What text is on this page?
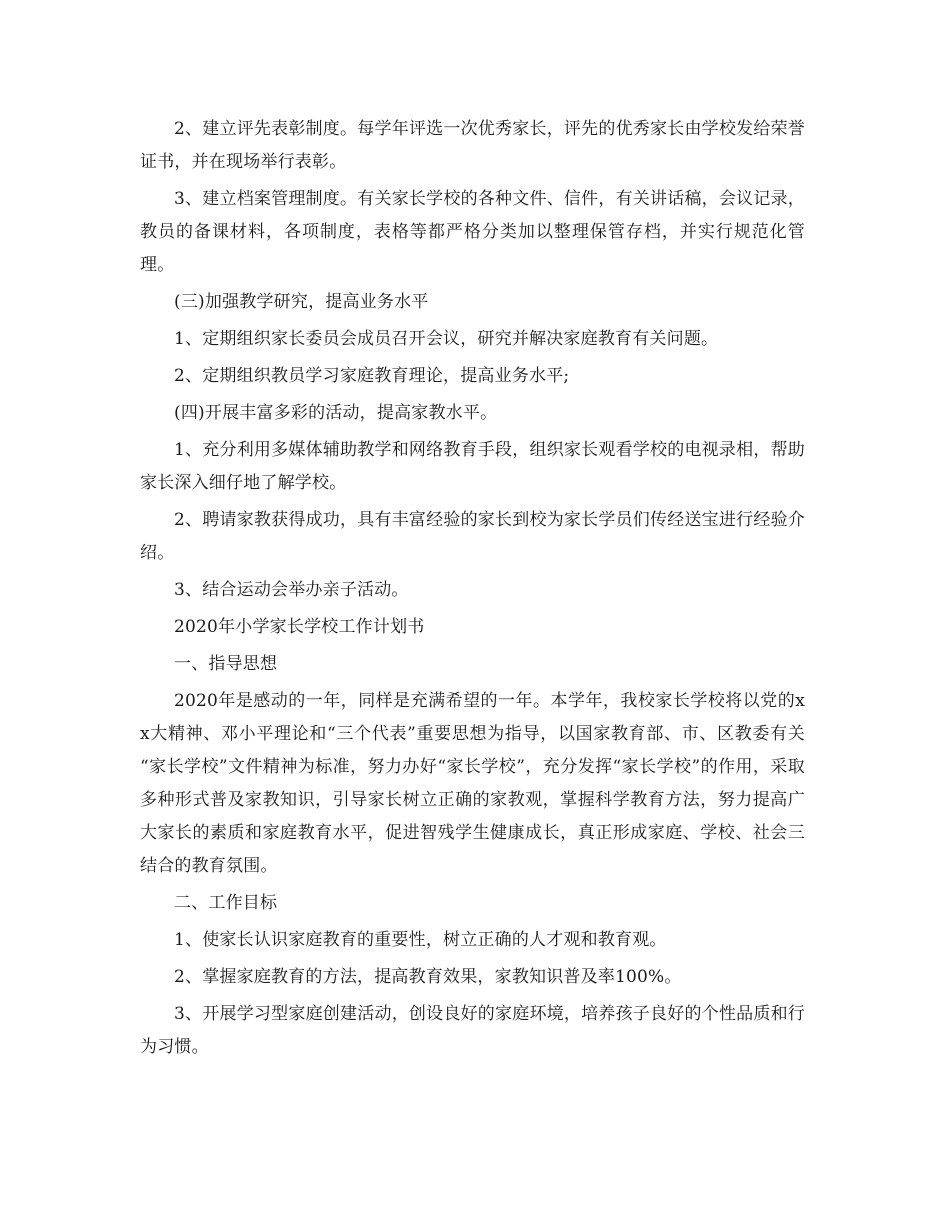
2、建立评先表彰制度。每学年评选一次优秀家长，评先的优秀家长由学校发给荣誉证书，并在现场举行表彰。

3、建立档案管理制度。有关家长学校的各种文件、信件，有关讲话稿，会议记录，教员的备课材料，各项制度，表格等都严格分类加以整理保管存档，并实行规范化管理。

(三)加强教学研究，提高业务水平

1、定期组织家长委员会成员召开会议，研究并解决家庭教育有关问题。

2、定期组织教员学习家庭教育理论，提高业务水平;

(四)开展丰富多彩的活动，提高家教水平。

1、充分利用多媒体辅助教学和网络教育手段，组织家长观看学校的电视录相，帮助家长深入细仔地了解学校。

2、聘请家教获得成功，具有丰富经验的家长到校为家长学员们传经送宝进行经验介绍。

3、结合运动会举办亲子活动。

2020年小学家长学校工作计划书

一、指导思想

2020年是感动的一年，同样是充满希望的一年。本学年，我校家长学校将以党的xx大精神、邓小平理论和“三个代表”重要思想为指导，以国家教育部、市、区教委有关 “家长学校”文件精神为标准，努力办好“家长学校”，充分发挥“家长学校”的作用，采取多种形式普及家教知识，引导家长树立正确的家教观，掌握科学教育方法，努力提高广大家长的素质和家庭教育水平，促进智残学生健康成长，真正形成家庭、学校、社会三结合的教育氛围。

二、工作目标

1、使家长认识家庭教育的重要性，树立正确的人才观和教育观。

2、掌握家庭教育的方法，提高教育效果，家教知识普及率100%。

3、开展学习型家庭创建活动，创设良好的家庭环境，培养孩子良好的个性品质和行为习惯。
